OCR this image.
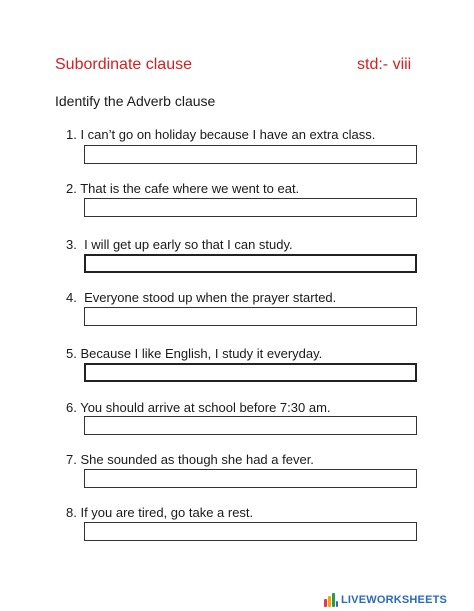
Subordinate clause	std:- viii
Identify the Adverb clause
1. I can’t go on holiday because I have an extra class.
2. That is the cafe where we went to eat.
3.  I will get up early so that I can study.
4.  Everyone stood up when the prayer started.
5. Because I like English, I study it everyday.
6. You should arrive at school before 7:30 am.
7. She sounded as though she had a fever.
8. If you are tired, go take a rest.
LIVEWORKSHEETS
